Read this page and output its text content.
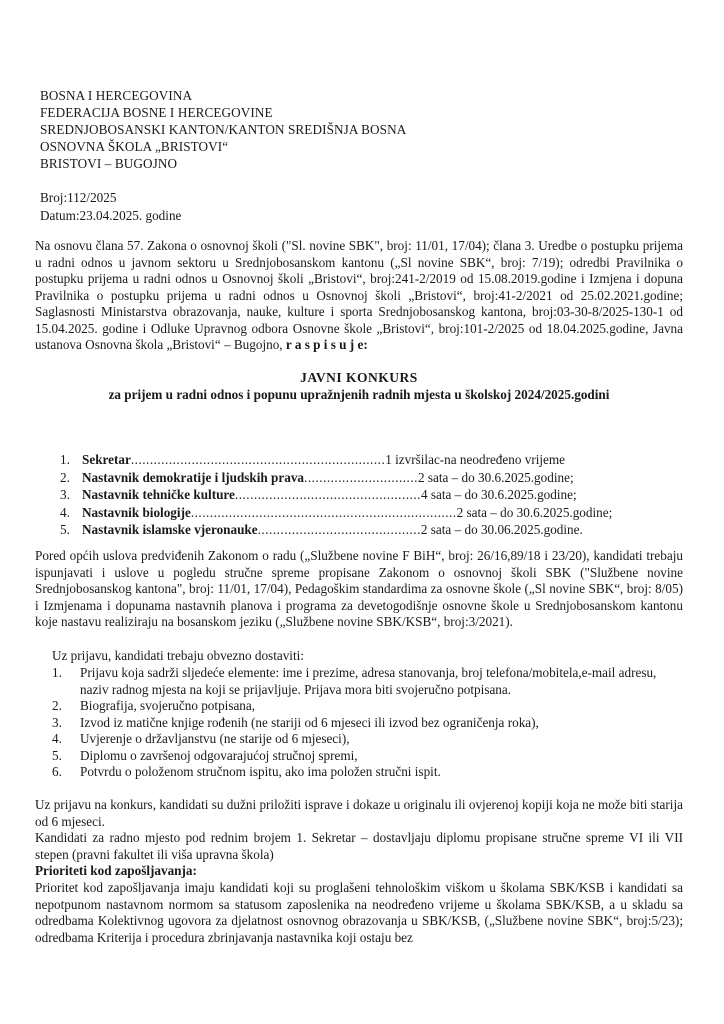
BOSNA I HERCEGOVINA
FEDERACIJA BOSNE I HERCEGOVINE
SREDNJOBOSANSKI KANTON/KANTON SREDIŠNJA BOSNA
OSNOVNA ŠKOLA „BRISTOVI“
BRISTOVI – BUGOJNO
Broj:112/2025
Datum:23.04.2025. godine
Na osnovu člana 57. Zakona o osnovnoj školi ("Sl. novine SBK", broj: 11/01, 17/04); člana 3. Uredbe o postupku prijema u radni odnos u javnom sektoru u Srednjobosanskom kantonu („Sl novine SBK“, broj: 7/19); odredbi Pravilnika o postupku prijema u radni odnos u Osnovnoj školi „Bristovi“, broj:241-2/2019 od 15.08.2019.godine i Izmjena i dopuna Pravilnika o postupku prijema u radni odnos u Osnovnoj školi „Bristovi“, broj:41-2/2021 od 25.02.2021.godine; Saglasnosti Ministarstva obrazovanja, nauke, kulture i sporta Srednjobosanskog kantona, broj:03-30-8/2025-130-1 od 15.04.2025. godine i Odluke Upravnog odbora Osnovne škole „Bristovi“, broj:101-2/2025 od 18.04.2025.godine, Javna ustanova Osnovna škola „Bristovi“ – Bugojno, r a s p i s u j e:
JAVNI KONKURS
za prijem u radni odnos i popunu upražnjenih radnih mjesta u školskoj 2024/2025.godini
1. Sekretar ................................................................... 1 izvršilac-na neodređeno vrijeme
2. Nastavnik demokratije i ljudskih prava .............................. 2 sata – do 30.6.2025.godine;
3. Nastavnik tehničke kulture ................................................. 4 sata – do 30.6.2025.godine;
4. Nastavnik biologije ...................................................................... 2 sata – do 30.6.2025.godine;
5. Nastavnik islamske vjeronauke ........................................... 2 sata – do 30.06.2025.godine.
Pored općih uslova predviđenih Zakonom o radu („Službene novine F BiH“, broj: 26/16,89/18 i 23/20), kandidati trebaju ispunjavati i uslove u pogledu stručne spreme propisane Zakonom o osnovnoj školi SBK ("Službene novine Srednjobosanskog kantona", broj: 11/01, 17/04), Pedagoškim standardima za osnovne škole („Sl novine SBK“, broj: 8/05) i Izmjenama i dopunama nastavnih planova i programa za devetogodišnje osnovne škole u Srednjobosanskom kantonu koje nastavu realiziraju na bosanskom jeziku („Službene novine SBK/KSB“, broj:3/2021).
Uz prijavu, kandidati trebaju obvezno dostaviti:
1.	Prijavu koja sadrži sljedeće elemente: ime i prezime, adresa stanovanja, broj telefona/mobitela,e-mail adresu, naziv radnog mjesta na koji se prijavljuje. Prijava mora biti svojeručno potpisana.
2.	Biografija, svojeručno potpisana,
3.	Izvod iz matične knjige rođenih (ne stariji od 6 mjeseci ili izvod bez ograničenja roka),
4.	Uvjerenje o državljanstvu (ne starije od 6 mjeseci),
5.	Diplomu o završenoj odgovarajućoj stručnoj spremi,
6.	Potvrdu o položenom stručnom ispitu, ako ima položen stručni ispit.
Uz prijavu na konkurs, kandidati su dužni priložiti isprave i dokaze u originalu ili ovjerenoj kopiji koja ne može biti starija od 6 mjeseci.
Kandidati za radno mjesto pod rednim brojem 1. Sekretar – dostavljaju diplomu propisane stručne spreme VI ili VII stepen (pravni fakultet ili viša upravna škola)
Prioriteti kod zapošljavanja:
Prioritet kod zapošljavanja imaju kandidati koji su proglašeni tehnološkim viškom u školama SBK/KSB i kandidati sa nepotpunom nastavnom normom sa statusom zaposlenika na neodređeno vrijeme u školama SBK/KSB, a u skladu sa odredbama Kolektivnog ugovora za djelatnost osnovnog obrazovanja u SBK/KSB, („Službene novine SBK“, broj:5/23); odredbama Kriterija i procedura zbrinjavanja nastavnika koji ostaju bez
